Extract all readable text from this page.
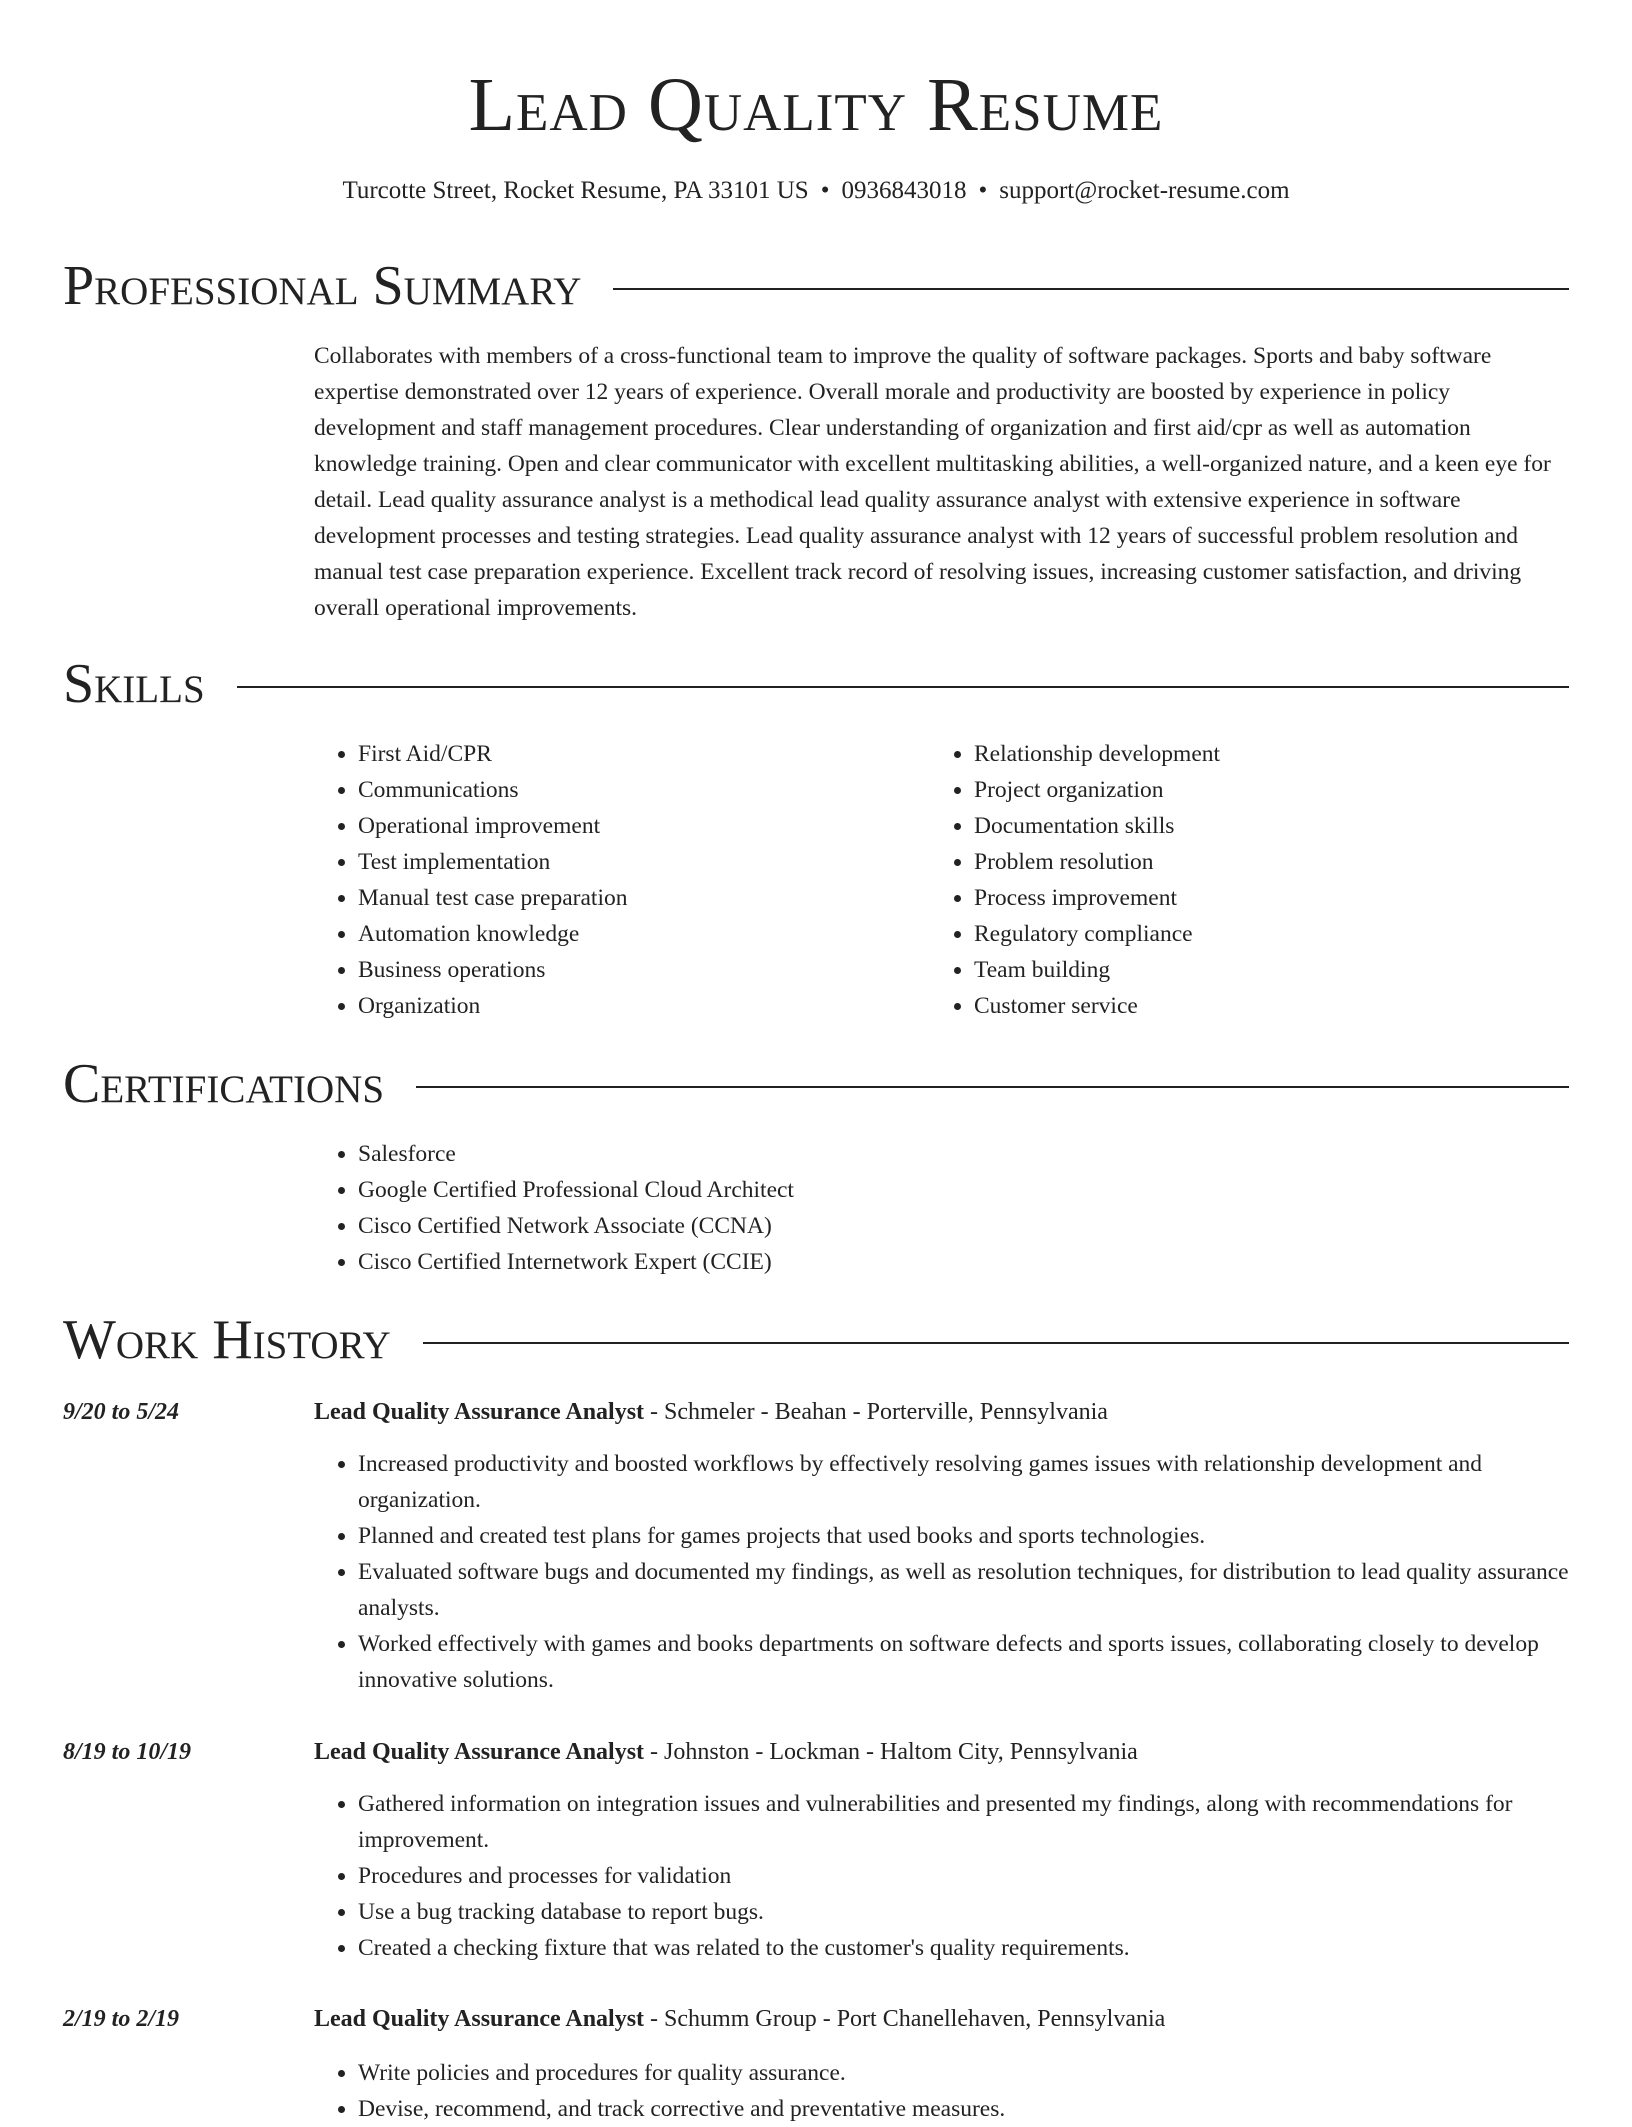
Lead Quality Resume
Turcotte Street, Rocket Resume, PA 33101 US • 0936843018 • support@rocket-resume.com
Professional Summary

Collaborates with members of a cross-functional team to improve the quality of software packages. Sports and baby software expertise demonstrated over 12 years of experience. Overall morale and productivity are boosted by experience in policy development and staff management procedures. Clear understanding of organization and first aid/cpr as well as automation knowledge training. Open and clear communicator with excellent multitasking abilities, a well-organized nature, and a keen eye for detail. Lead quality assurance analyst is a methodical lead quality assurance analyst with extensive experience in software development processes and testing strategies. Lead quality assurance analyst with 12 years of successful problem resolution and manual test case preparation experience. Excellent track record of resolving issues, increasing customer satisfaction, and driving overall operational improvements.

Skills
• First Aid/CPR
• Communications
• Operational improvement
• Test implementation
• Manual test case preparation
• Automation knowledge
• Business operations
• Organization
• Relationship development
• Project organization
• Documentation skills
• Problem resolution
• Process improvement
• Regulatory compliance
• Team building
• Customer service
Certifications
• Salesforce
• Google Certified Professional Cloud Architect
• Cisco Certified Network Associate (CCNA)
• Cisco Certified Internetwork Expert (CCIE)
Work History
9/20 to 5/24	Lead Quality Assurance Analyst - Schmeler - Beahan - Porterville, Pennsylvania
• Increased productivity and boosted workflows by effectively resolving games issues with relationship development and organization.
• Planned and created test plans for games projects that used books and sports technologies.
• Evaluated software bugs and documented my findings, as well as resolution techniques, for distribution to lead quality assurance analysts.
• Worked effectively with games and books departments on software defects and sports issues, collaborating closely to develop innovative solutions.
8/19 to 10/19	Lead Quality Assurance Analyst - Johnston - Lockman - Haltom City, Pennsylvania
• Gathered information on integration issues and vulnerabilities and presented my findings, along with recommendations for improvement.
• Procedures and processes for validation
• Use a bug tracking database to report bugs.
• Created a checking fixture that was related to the customer's quality requirements.
2/19 to 2/19	Lead Quality Assurance Analyst - Schumm Group - Port Chanellehaven, Pennsylvania
• Write policies and procedures for quality assurance.
• Devise, recommend, and track corrective and preventative measures.
